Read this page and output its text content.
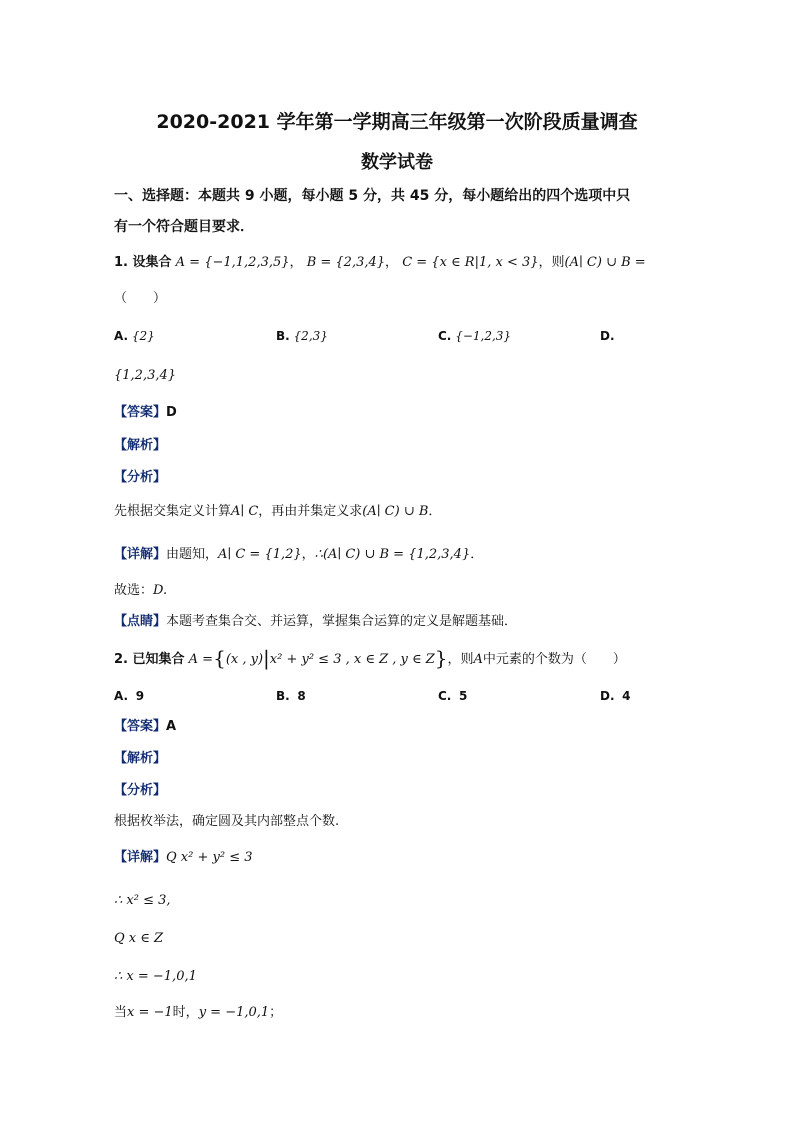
2020-2021 学年第一学期高三年级第一次阶段质量调查
数学试卷
一、选择题：本题共 9 小题，每小题 5 分，共 45 分，每小题给出的四个选项中只
有一个符合题目要求．
1. 设集合 A = {−1,1,2,3,5}， B = {2,3,4}， C = {x ∈ R|1, x < 3}，则(A∣ C) ∪ B =
（　　）
A. {2}	B. {2,3}	C. {−1,2,3}	D.
{1,2,3,4}
【答案】D
【解析】
【分析】
先根据交集定义计算A∣ C，再由并集定义求(A∣ C) ∪ B．
【详解】由题知，A∣ C = {1,2}，∴(A∣ C) ∪ B = {1,2,3,4}．
故选：D.
【点睛】本题考查集合交、并运算，掌握集合运算的定义是解题基础．
2. 已知集合 A ={(x , y)|x² + y² ≤ 3 , x ∈ Z , y ∈ Z}，则A中元素的个数为（　　）
A. 9	B. 8	C. 5	D. 4
【答案】A
【解析】
【分析】
根据枚举法，确定圆及其内部整点个数.
【详解】Q x² + y² ≤ 3
∴ x² ≤ 3,
Q x ∈ Z
∴ x = −1,0,1
当x = −1时，y = −1,0,1；
